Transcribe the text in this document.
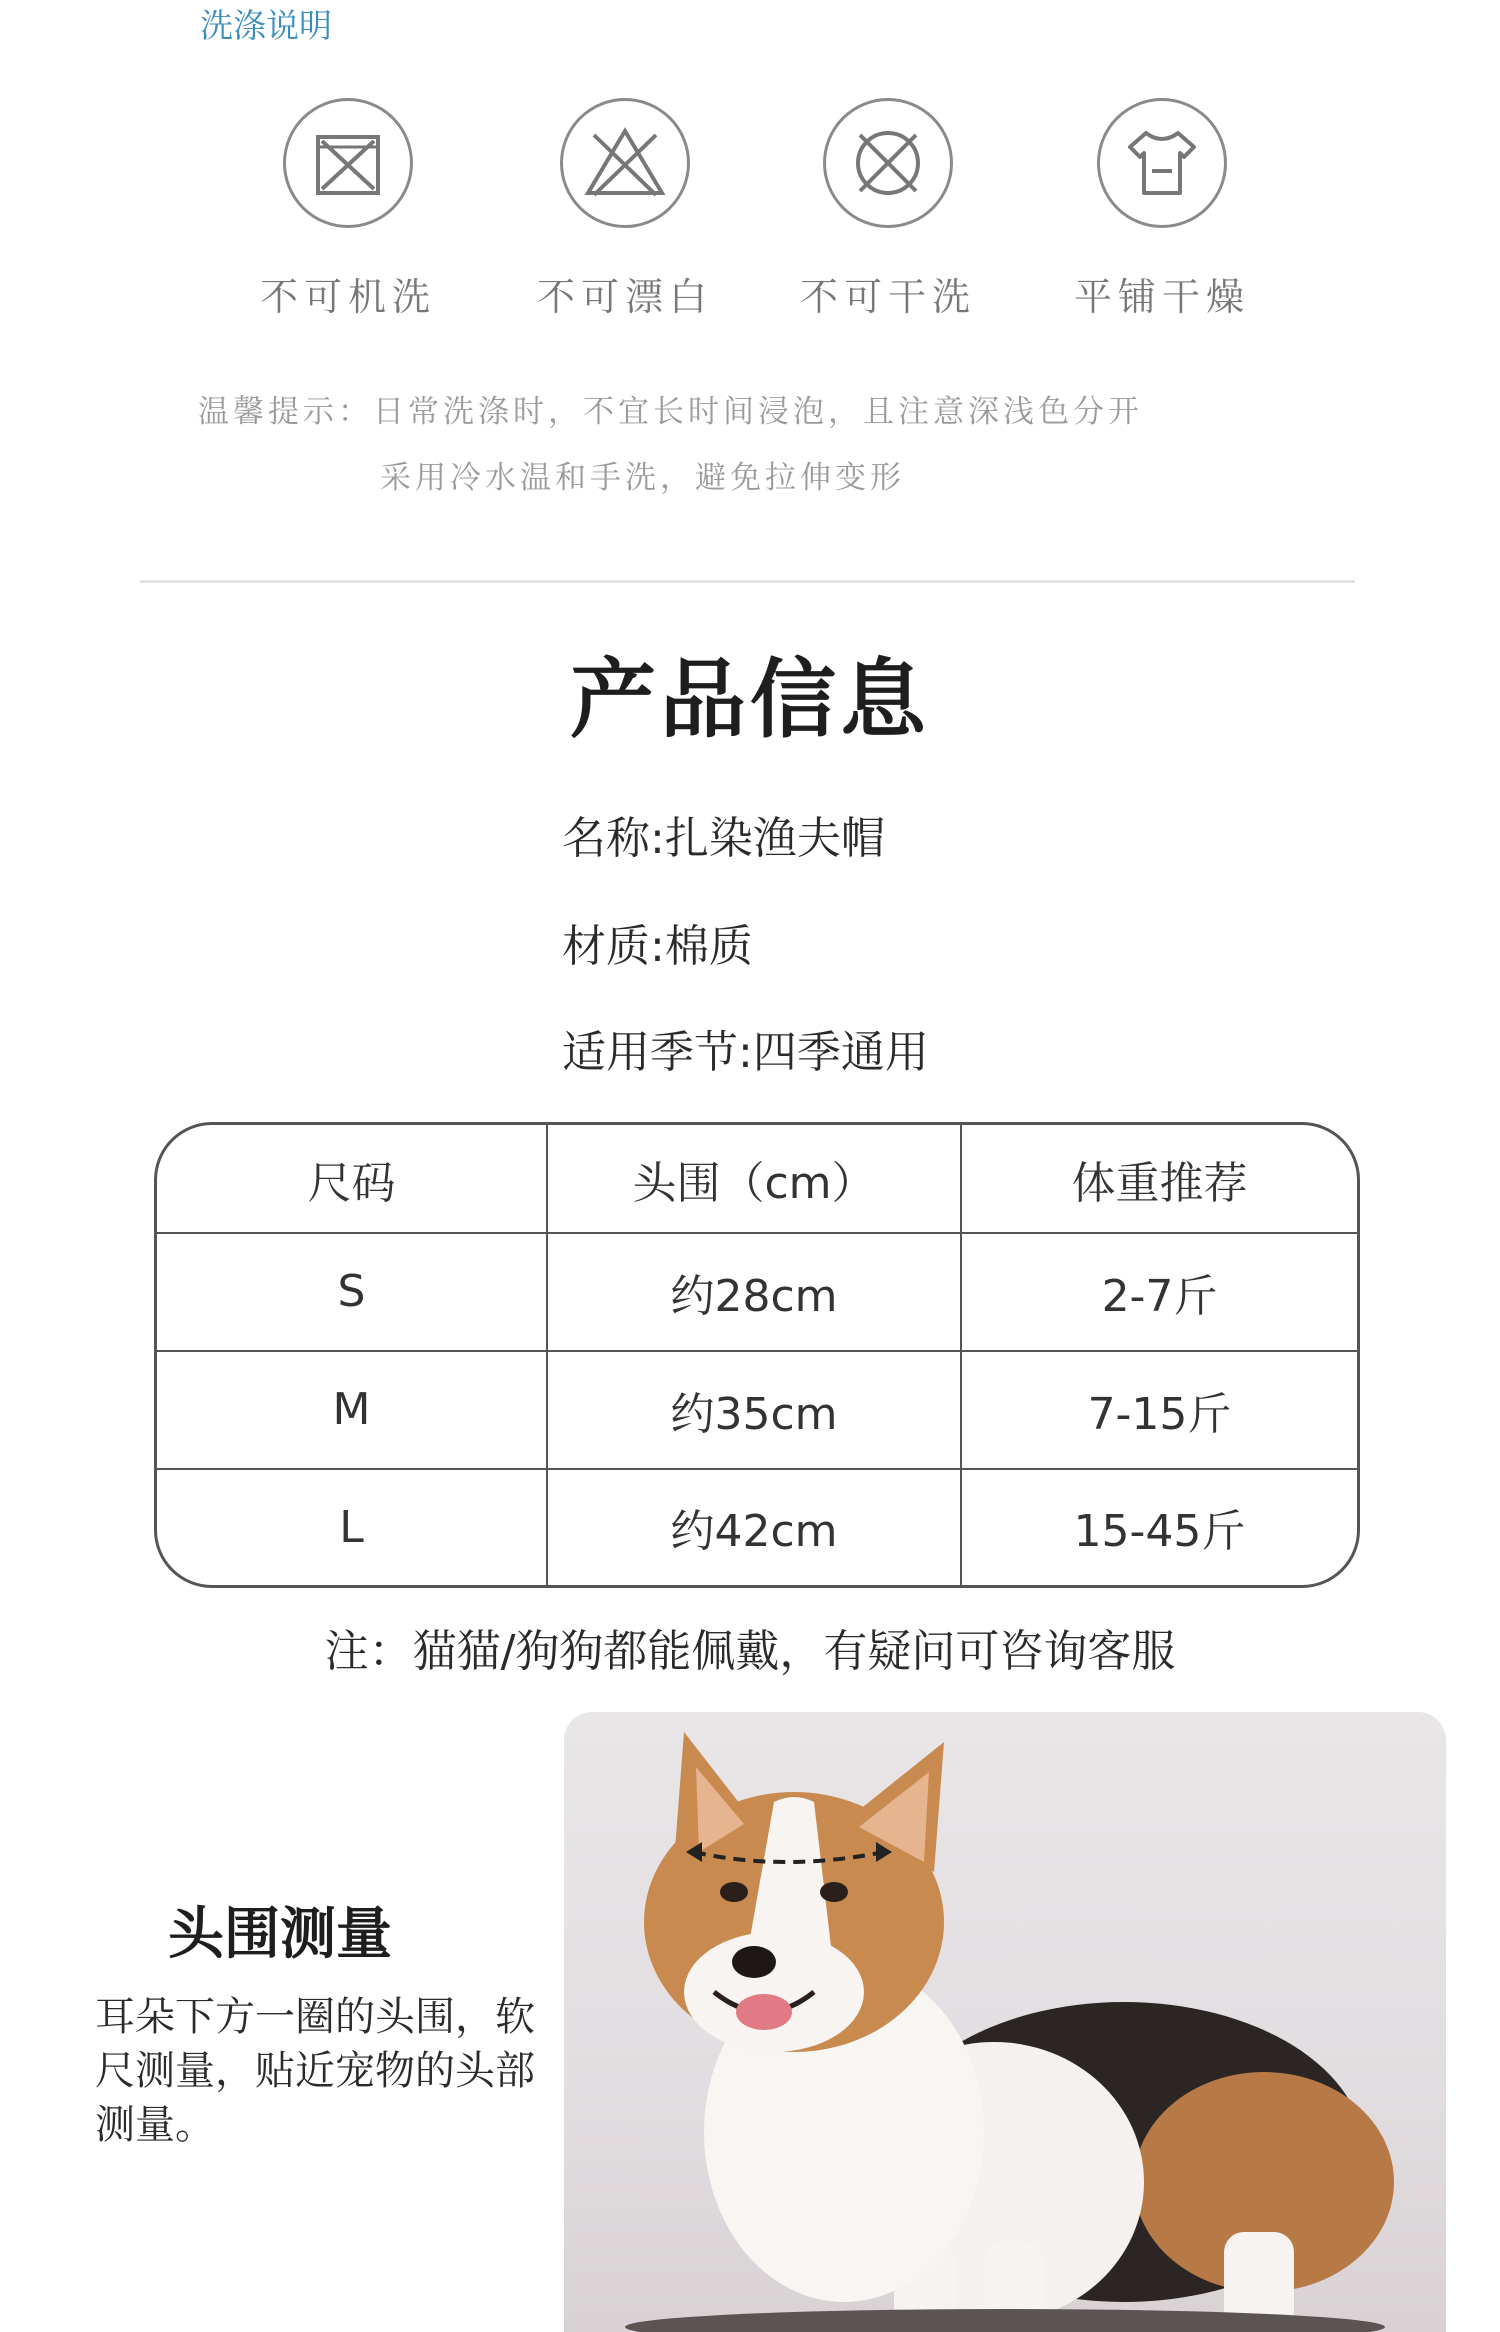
洗涤说明
不可机洗	不可漂白	不可干洗	平铺干燥
温馨提示：日常洗涤时，不宜长时间浸泡，且注意深浅色分开
采用冷水温和手洗，避免拉伸变形
产品信息
名称:扎染渔夫帽
材质:棉质
适用季节:四季通用
尺码	头围（cm）	体重推荐
S	约28cm	2-7斤
M	约35cm	7-15斤
L	约42cm	15-45斤
注：猫猫/狗狗都能佩戴，有疑问可咨询客服
头围测量
耳朵下方一圈的头围，软尺测量，贴近宠物的头部测量。
